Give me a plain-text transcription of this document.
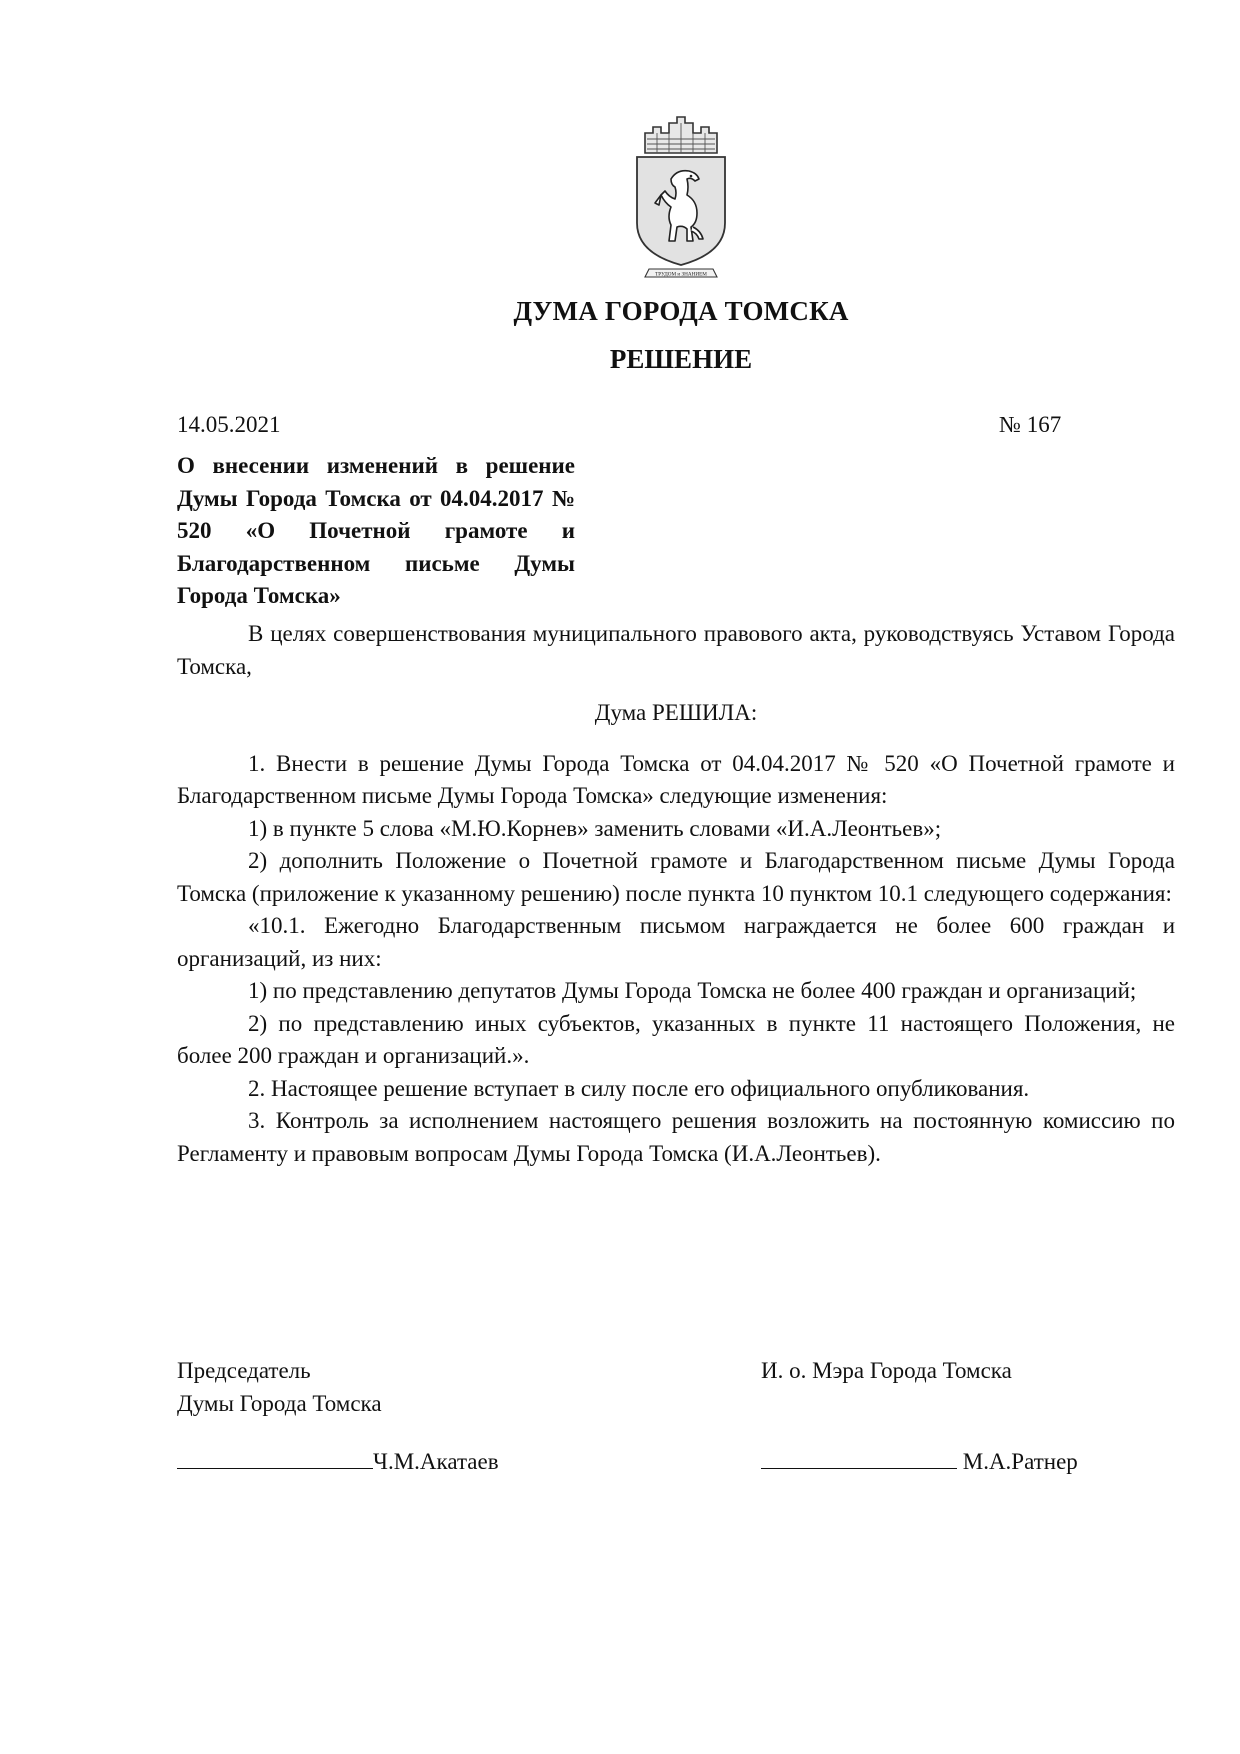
ТРУДОМ и ЗНАНИЕМ
ДУМА ГОРОДА ТОМСКА
РЕШЕНИЕ
14.05.2021	№ 167
О внесении изменений в решение Думы Города Томска от 04.04.2017 № 520 «О Почетной грамоте и Благодарственном письме Думы Города Томска»

В целях совершенствования муниципального правового акта, руководствуясь Уставом Города Томска,

Дума РЕШИЛА:

1. Внести в решение Думы Города Томска от 04.04.2017 № 520 «О Почетной грамоте и Благодарственном письме Думы Города Томска» следующие изменения:

1) в пункте 5 слова «М.Ю.Корнев» заменить словами «И.А.Леонтьев»;

2) дополнить Положение о Почетной грамоте и Благодарственном письме Думы Города Томска (приложение к указанному решению) после пункта 10 пунктом 10.1 следующего содержания:

«10.1. Ежегодно Благодарственным письмом награждается не более 600 граждан и организаций, из них:

1) по представлению депутатов Думы Города Томска не более 400 граждан и организаций;

2) по представлению иных субъектов, указанных в пункте 11 настоящего Положения, не более 200 граждан и организаций.».

2. Настоящее решение вступает в силу после его официального опубликования.

3. Контроль за исполнением настоящего решения возложить на постоянную комиссию по Регламенту и правовым вопросам Думы Города Томска (И.А.Леонтьев).

Председатель
Думы Города Томска
И. о. Мэра Города Томска
Ч.М.Акатаев	М.А.Ратнер
